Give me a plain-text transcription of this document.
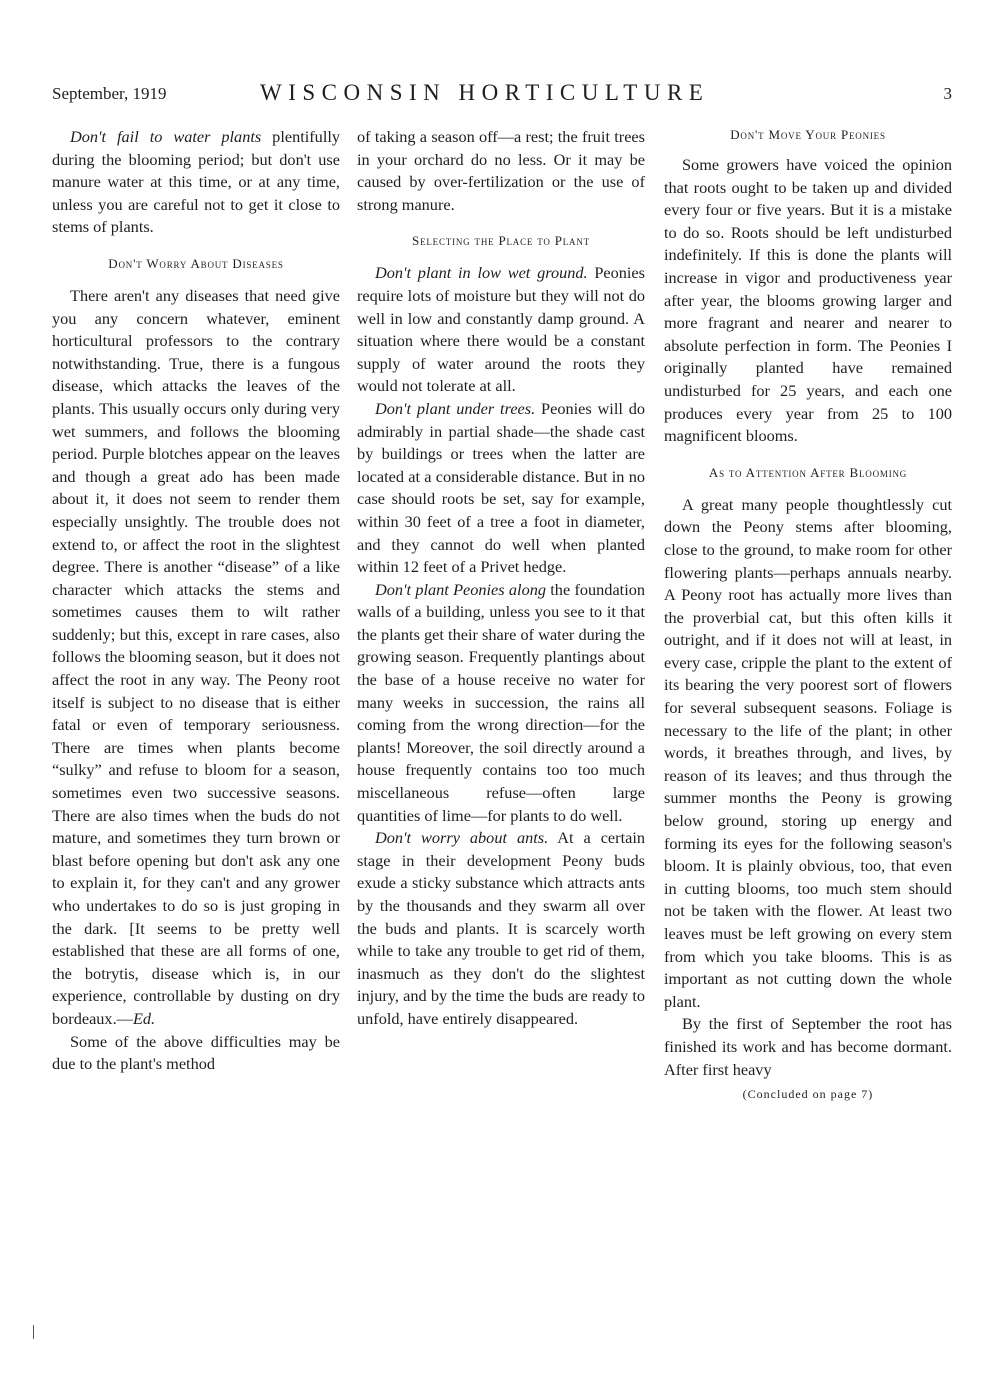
September, 1919	WISCONSIN HORTICULTURE	3

Don't fail to water plants plentifully during the blooming period; but don't use manure water at this time, or at any time, unless you are careful not to get it close to stems of plants.

Don't Worry About Diseases

There aren't any diseases that need give you any concern whatever, eminent horticultural professors to the contrary notwithstanding. True, there is a fungous disease, which attacks the leaves of the plants. This usually occurs only during very wet summers, and follows the blooming period. Purple blotches appear on the leaves and though a great ado has been made about it, it does not seem to render them especially unsightly. The trouble does not extend to, or affect the root in the slightest degree. There is another “disease” of a like character which attacks the stems and sometimes causes them to wilt rather suddenly; but this, except in rare cases, also follows the blooming season, but it does not affect the root in any way. The Peony root itself is subject to no disease that is either fatal or even of temporary seriousness. There are times when plants become “sulky” and refuse to bloom for a season, sometimes even two successive seasons. There are also times when the buds do not mature, and sometimes they turn brown or blast before opening but don't ask any one to explain it, for they can't and any grower who undertakes to do so is just groping in the dark. [It seems to be pretty well established that these are all forms of one, the botrytis, disease which is, in our experience, controllable by dusting on dry bordeaux.—Ed.

Some of the above difficulties may be due to the plant's method

of taking a season off—a rest; the fruit trees in your orchard do no less. Or it may be caused by over-fertilization or the use of strong manure.

Selecting the Place to Plant

Don't plant in low wet ground. Peonies require lots of moisture but they will not do well in low and constantly damp ground. A situation where there would be a constant supply of water around the roots they would not tolerate at all.

Don't plant under trees. Peonies will do admirably in partial shade—the shade cast by buildings or trees when the latter are located at a considerable distance. But in no case should roots be set, say for example, within 30 feet of a tree a foot in diameter, and they cannot do well when planted within 12 feet of a Privet hedge.

Don't plant Peonies along the foundation walls of a building, unless you see to it that the plants get their share of water during the growing season. Frequently plantings about the base of a house receive no water for many weeks in succession, the rains all coming from the wrong direction—for the plants! Moreover, the soil directly around a house frequently contains too too much miscellaneous refuse—often large quantities of lime—for plants to do well.

Don't worry about ants. At a certain stage in their development Peony buds exude a sticky substance which attracts ants by the thousands and they swarm all over the buds and plants. It is scarcely worth while to take any trouble to get rid of them, inasmuch as they don't do the slightest injury, and by the time the buds are ready to unfold, have entirely disappeared.

Don't Move Your Peonies

Some growers have voiced the opinion that roots ought to be taken up and divided every four or five years. But it is a mistake to do so. Roots should be left undisturbed indefinitely. If this is done the plants will increase in vigor and productiveness year after year, the blooms growing larger and more fragrant and nearer and nearer to absolute perfection in form. The Peonies I originally planted have remained undisturbed for 25 years, and each one produces every year from 25 to 100 magnificent blooms.

As to Attention After Blooming

A great many people thoughtlessly cut down the Peony stems after blooming, close to the ground, to make room for other flowering plants—perhaps annuals nearby. A Peony root has actually more lives than the proverbial cat, but this often kills it outright, and if it does not will at least, in every case, cripple the plant to the extent of its bearing the very poorest sort of flowers for several subsequent seasons. Foliage is necessary to the life of the plant; in other words, it breathes through, and lives, by reason of its leaves; and thus through the summer months the Peony is growing below ground, storing up energy and forming its eyes for the following season's bloom. It is plainly obvious, too, that even in cutting blooms, too much stem should not be taken with the flower. At least two leaves must be left growing on every stem from which you take blooms. This is as important as not cutting down the whole plant.

By the first of September the root has finished its work and has become dormant. After first heavy

(Concluded on page 7)
